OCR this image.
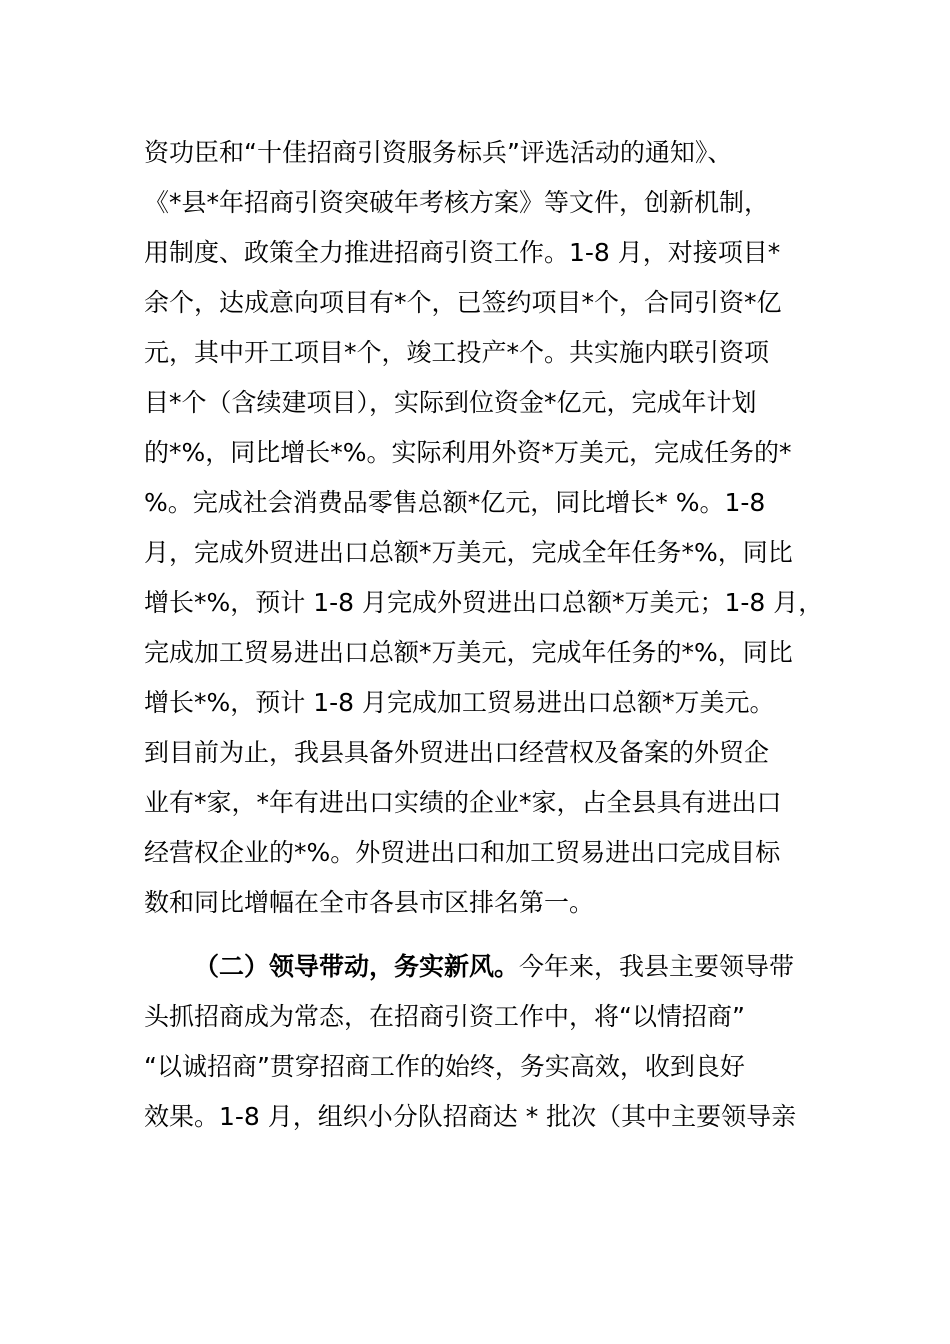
资功臣和“十佳招商引资服务标兵”评选活动的通知》、
《*县*年招商引资突破年考核方案》等文件，创新机制，
用制度、政策全力推进招商引资工作。1-8 月，对接项目*
余个，达成意向项目有*个，已签约项目*个，合同引资*亿
元，其中开工项目*个，竣工投产*个。共实施内联引资项
目*个（含续建项目），实际到位资金*亿元，完成年计划
的*%，同比增长*%。实际利用外资*万美元，完成任务的*
%。完成社会消费品零售总额*亿元，同比增长* %。1-8
月，完成外贸进出口总额*万美元，完成全年任务*%，同比
增长*%，预计 1-8 月完成外贸进出口总额*万美元；1-8 月，
完成加工贸易进出口总额*万美元，完成年任务的*%，同比
增长*%，预计 1-8 月完成加工贸易进出口总额*万美元。
到目前为止，我县具备外贸进出口经营权及备案的外贸企
业有*家，*年有进出口实绩的企业*家，占全县具有进出口
经营权企业的*%。外贸进出口和加工贸易进出口完成目标
数和同比增幅在全市各县市区排名第一。
（二）领导带动，务实新风。今年来，我县主要领导带
头抓招商成为常态，在招商引资工作中，将“以情招商”
“以诚招商”贯穿招商工作的始终，务实高效，收到良好
效果。1-8 月，组织小分队招商达 * 批次（其中主要领导亲
